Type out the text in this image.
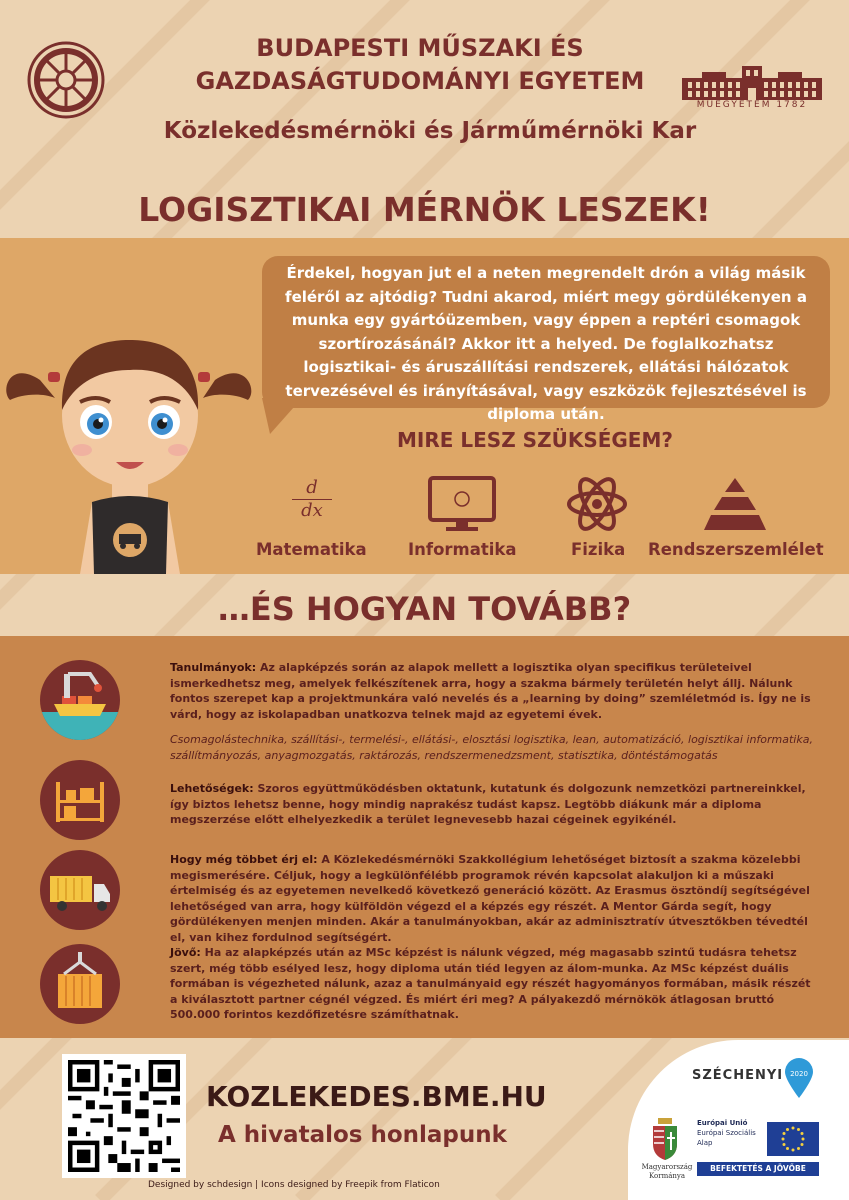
BUDAPESTI MŰSZAKI ÉS
GAZDASÁGTUDOMÁNYI EGYETEM
Közlekedésmérnöki és Járműmérnöki Kar
MŰEGYETEM 1782
LOGISZTIKAI MÉRNÖK LESZEK!
Érdekel, hogyan jut el a neten megrendelt drón a világ másik feléről az ajtódig? Tudni akarod, miért megy gördülékenyen a munka egy gyártóüzemben, vagy éppen a reptéri csomagok szortírozásánál? Akkor itt a helyed. De foglalkozhatsz logisztikai- és áruszállítási rendszerek, ellátási hálózatok tervezésével és irányításával, vagy eszközök fejlesztésével is diploma után.
MIRE LESZ SZÜKSÉGEM?
$\frac{d}{dx}$
Matematika	Informatika	Fizika Rendszerszemlélet
…ÉS HOGYAN TOVÁBB?
Tanulmányok: Az alapképzés során az alapok mellett a logisztika olyan specifikus területeivel ismerkedhetsz meg, amelyek felkészítenek arra, hogy a szakma bármely területén helyt állj. Nálunk fontos szerepet kap a projektmunkára való nevelés és a „learning by doing” szemléletmód is. Így ne is várd, hogy az iskolapadban unatkozva telnek majd az egyetemi évek.
Csomagolástechnika, szállítási-, termelési-, ellátási-, elosztási logisztika, lean, automatizáció, logisztikai informatika, szállítmányozás, anyagmozgatás, raktározás, rendszermenedzsment, statisztika, döntéstámogatás
Lehetőségek: Szoros együttműködésben oktatunk, kutatunk és dolgozunk nemzetközi partnereinkkel, így biztos lehetsz benne, hogy mindig naprakész tudást kapsz. Legtöbb diákunk már a diploma megszerzése előtt elhelyezkedik a terület legnevesebb hazai cégeinek egyikénél.
Hogy még többet érj el: A Közlekedésmérnöki Szakkollégium lehetőséget biztosít a szakma közelebbi megismerésére. Céljuk, hogy a legkülönfélébb programok révén kapcsolat alakuljon ki a műszaki értelmiség és az egyetemen nevelkedő következő generáció között. Az Erasmus ösztöndíj segítségével lehetőséged van arra, hogy külföldön végezd el a képzés egy részét. A Mentor Gárda segít, hogy gördülékenyen menjen minden. Akár a tanulmányokban, akár az adminisztratív útvesztőkben tévedtél el, van kihez fordulnod segítségért.
Jövő: Ha az alapképzés után az MSc képzést is nálunk végzed, még magasabb szintű tudásra tehetsz szert, még több esélyed lesz, hogy diploma után tiéd legyen az álom-munka. Az MSc képzést duális formában is végezheted nálunk, azaz a tanulmányaid egy részét hagyományos formában, másik részét a kiválasztott partner cégnél végzed. És miért éri meg? A pályakezdő mérnökök átlagosan bruttó 500.000 forintos kezdőfizetésre számíthatnak.
KOZLEKEDES.BME.HU
A hivatalos honlapunk
Designed by schdesign | Icons designed by Freepik from Flaticon
SZÉCHENYI 2020
Magyarország
Kormánya
Európai Unió
Európai Szociális
Alap
BEFEKTETÉS A JÖVŐBE
